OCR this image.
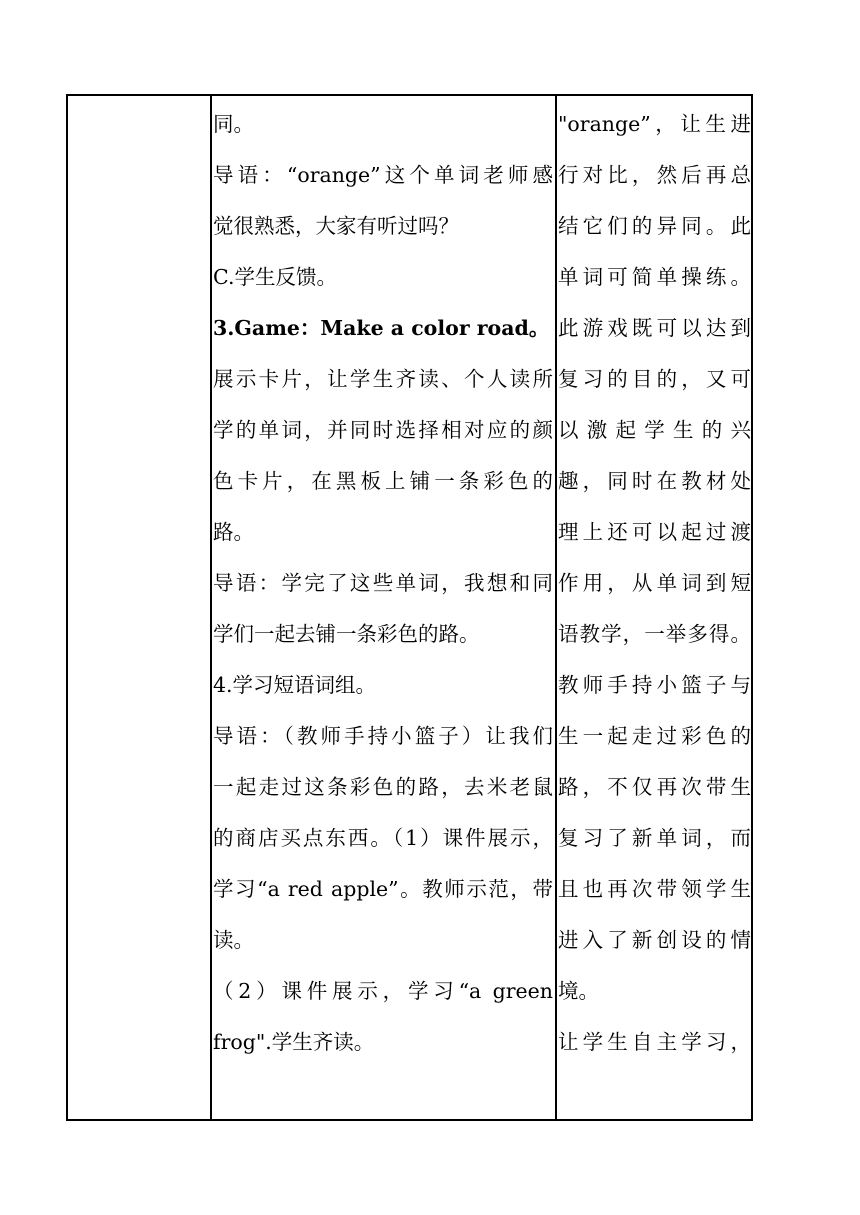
同。
导语：“orange”这个单词老师感
觉很熟悉，大家有听过吗？
C.学生反馈。
3.Game：Make a color road。
展示卡片，让学生齐读、个人读所
学的单词，并同时选择相对应的颜
色卡片，在黑板上铺一条彩色的
路。
导语：学完了这些单词，我想和同
学们一起去铺一条彩色的路。
4.学习短语词组。
导语：（教师手持小篮子）让我们
一起走过这条彩色的路，去米老鼠
的商店买点东西。（1）课件展示，
学习“a red apple”。教师示范，带
读。
（2）课件展示，学习“a green
frog".学生齐读。
"orange”，让生进
行对比，然后再总
结它们的异同。此
单词可简单操练。
此游戏既可以达到
复习的目的，又可
以 激 起 学 生 的 兴
趣，同时在教材处
理上还可以起过渡
作用，从单词到短
语教学，一举多得。
教师手持小篮子与
生一起走过彩色的
路，不仅再次带生
复习了新单词，而
且也再次带领学生
进入了新创设的情
境。
让学生自主学习，
